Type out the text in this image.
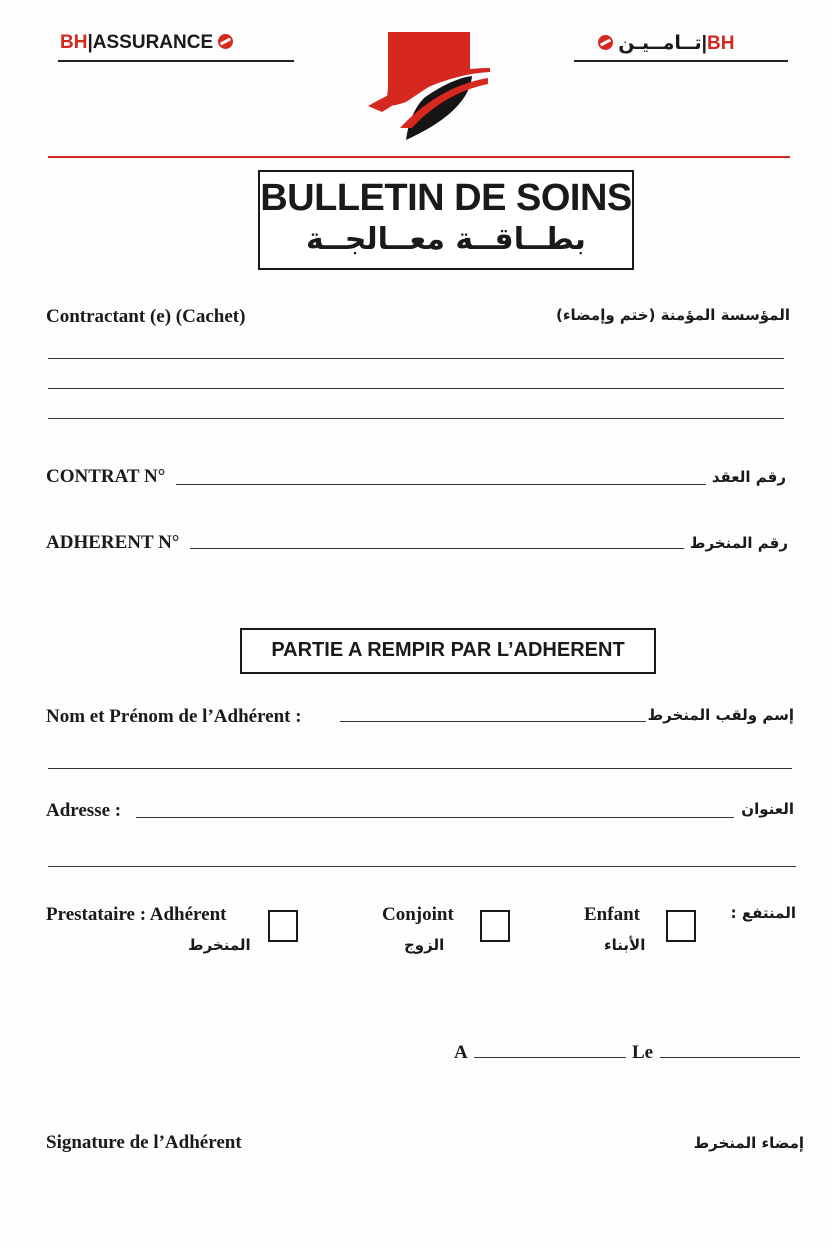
BH|ASSURANCE	تــامــيـن|BH
BULLETIN DE SOINS
بطــاقــة معــالجــة
Contractant (e) (Cachet)	المؤسسة المؤمنة (ختم وإمضاء)
CONTRAT N°	رقم العقد
ADHERENT N°	رقم المنخرط
PARTIE A REMPIR PAR L’ADHERENT
Nom et Prénom de l’Adhérent :	إسم ولقب المنخرط
Adresse :	العنوان
Prestataire : Adhérent
المنخرط
Conjoint
الزوج
Enfant
الأبناء
المنتفع :
A	Le
Signature de l’Adhérent	إمضاء المنخرط
